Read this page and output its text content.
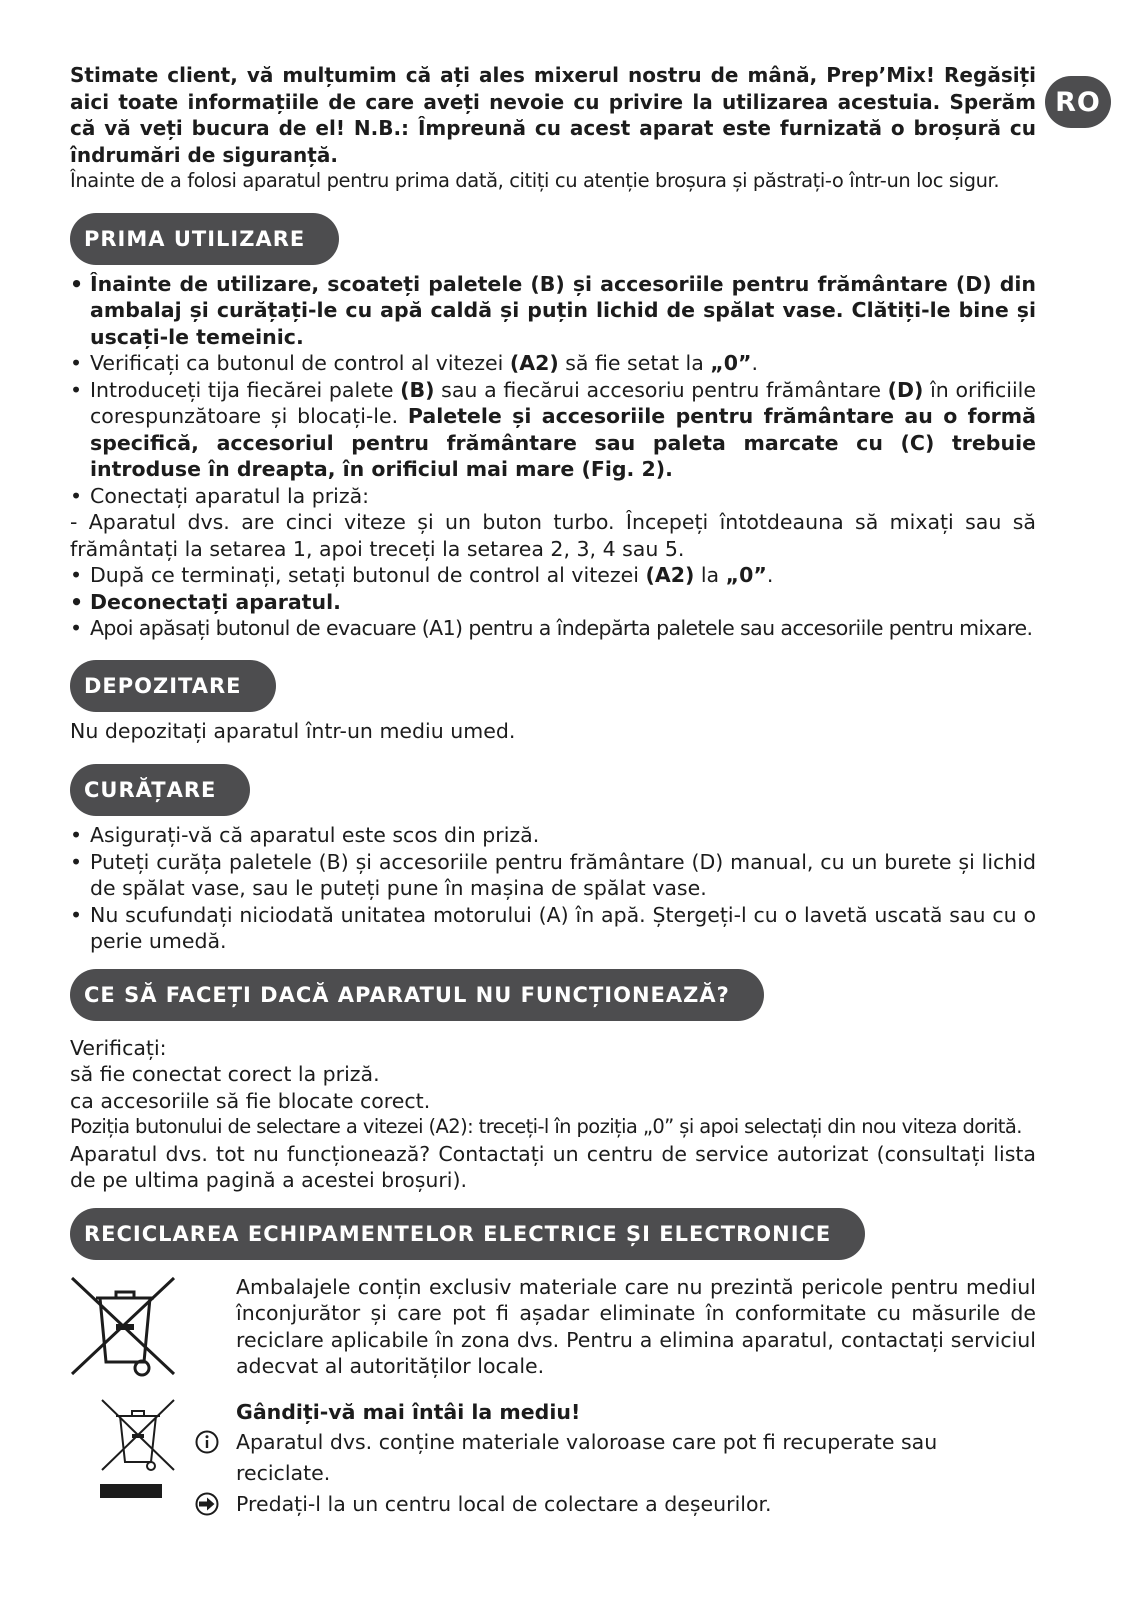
RO

Stimate client, vă mulțumim că ați ales mixerul nostru de mână, Prep’Mix! Regăsiți aici toate informațiile de care aveți nevoie cu privire la utilizarea acestuia. Sperăm că vă veți bucura de el! N.B.: Împreună cu acest aparat este furnizată o broșură cu îndrumări de siguranță.

Înainte de a folosi aparatul pentru prima dată, citiți cu atenție broșura și păstrați-o într-un loc sigur.

PRIMA UTILIZARE
• Înainte de utilizare, scoateți paletele (B) și accesoriile pentru frământare (D) din ambalaj și curățați-le cu apă caldă și puțin lichid de spălat vase. Clătiți-le bine și uscați-le temeinic.
• Verificați ca butonul de control al vitezei (A2) să fie setat la „0”.
• Introduceți tija fiecărei palete (B) sau a fiecărui accesoriu pentru frământare (D) în orificiile corespunzătoare și blocați-le. Paletele și accesoriile pentru frământare au o formă specifică, accesoriul pentru frământare sau paleta marcate cu (C) trebuie introduse în dreapta, în orificiul mai mare (Fig. 2).
• Conectați aparatul la priză:

- Aparatul dvs. are cinci viteze și un buton turbo. Începeți întotdeauna să mixați sau să frământați la setarea 1, apoi treceți la setarea 2, 3, 4 sau 5.

• După ce terminați, setați butonul de control al vitezei (A2) la „0”.
• Deconectați aparatul.
• Apoi apăsați butonul de evacuare (A1) pentru a îndepărta paletele sau accesoriile pentru mixare.
DEPOZITARE

Nu depozitați aparatul într-un mediu umed.

CURĂȚARE
• Asigurați-vă că aparatul este scos din priză.
• Puteți curăța paletele (B) și accesoriile pentru frământare (D) manual, cu un burete și lichid de spălat vase, sau le puteți pune în mașina de spălat vase.
• Nu scufundați niciodată unitatea motorului (A) în apă. Ștergeți-l cu o lavetă uscată sau cu o perie umedă.
CE SĂ FACEȚI DACĂ APARATUL NU FUNCȚIONEAZĂ?

Verificați:

să fie conectat corect la priză.

ca accesoriile să fie blocate corect.

Poziția butonului de selectare a vitezei (A2): treceți-l în poziția „0” și apoi selectați din nou viteza dorită.

Aparatul dvs. tot nu funcționează? Contactați un centru de service autorizat (consultați lista de pe ultima pagină a acestei broșuri).

RECICLAREA ECHIPAMENTELOR ELECTRICE ȘI ELECTRONICE

Ambalajele conțin exclusiv materiale care nu prezintă pericole pentru mediul înconjurător și care pot fi așadar eliminate în conformitate cu măsurile de reciclare aplicabile în zona dvs. Pentru a elimina aparatul, contactați serviciul adecvat al autorităților locale.

Gândiți-vă mai întâi la mediu!

Aparatul dvs. conține materiale valoroase care pot fi recuperate sau reciclate.
Predați-l la un centru local de colectare a deșeurilor.
